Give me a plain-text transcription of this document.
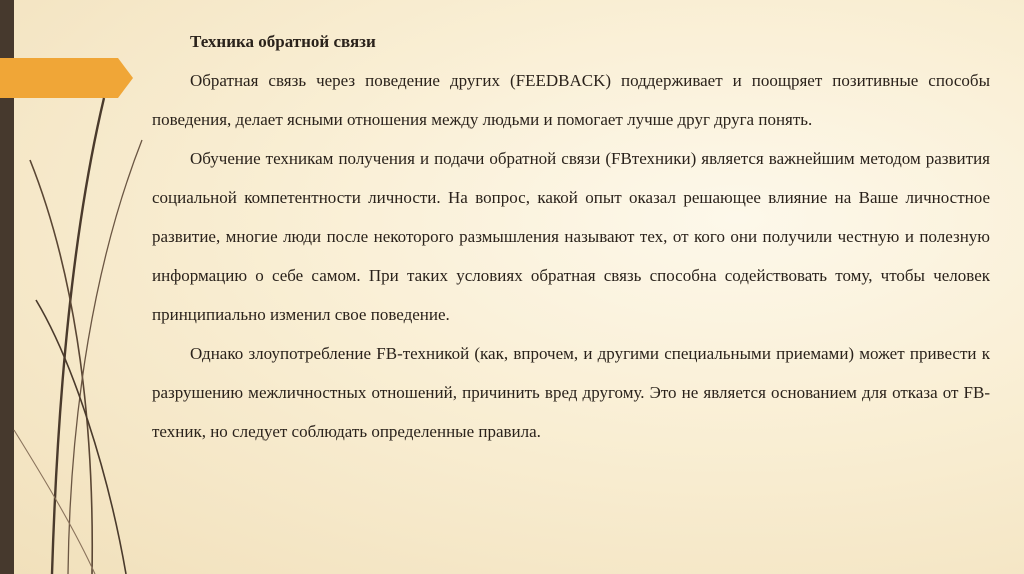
Техника обратной связи

Обратная связь через поведение других (FEEDBACK) поддерживает и поощряет позитивные способы поведения, делает ясными отношения между людьми и помогает лучше друг друга понять.

Обучение техникам получения и подачи обратной связи (FBтехники) является важнейшим методом развития социальной компетентности личности. На вопрос, какой опыт оказал решающее влияние на Ваше личностное развитие, многие люди после некоторого размышления называют тех, от кого они получили честную и полезную информацию о себе самом. При таких условиях обратная связь способна содействовать тому, чтобы человек принципиально изменил свое поведение.

Однако злоупотребление FB-техникой (как, впрочем, и другими специальными приемами) может привести к разрушению межличностных отношений, причинить вред другому. Это не является основанием для отказа от FB-техник, но следует соблюдать определенные правила.
